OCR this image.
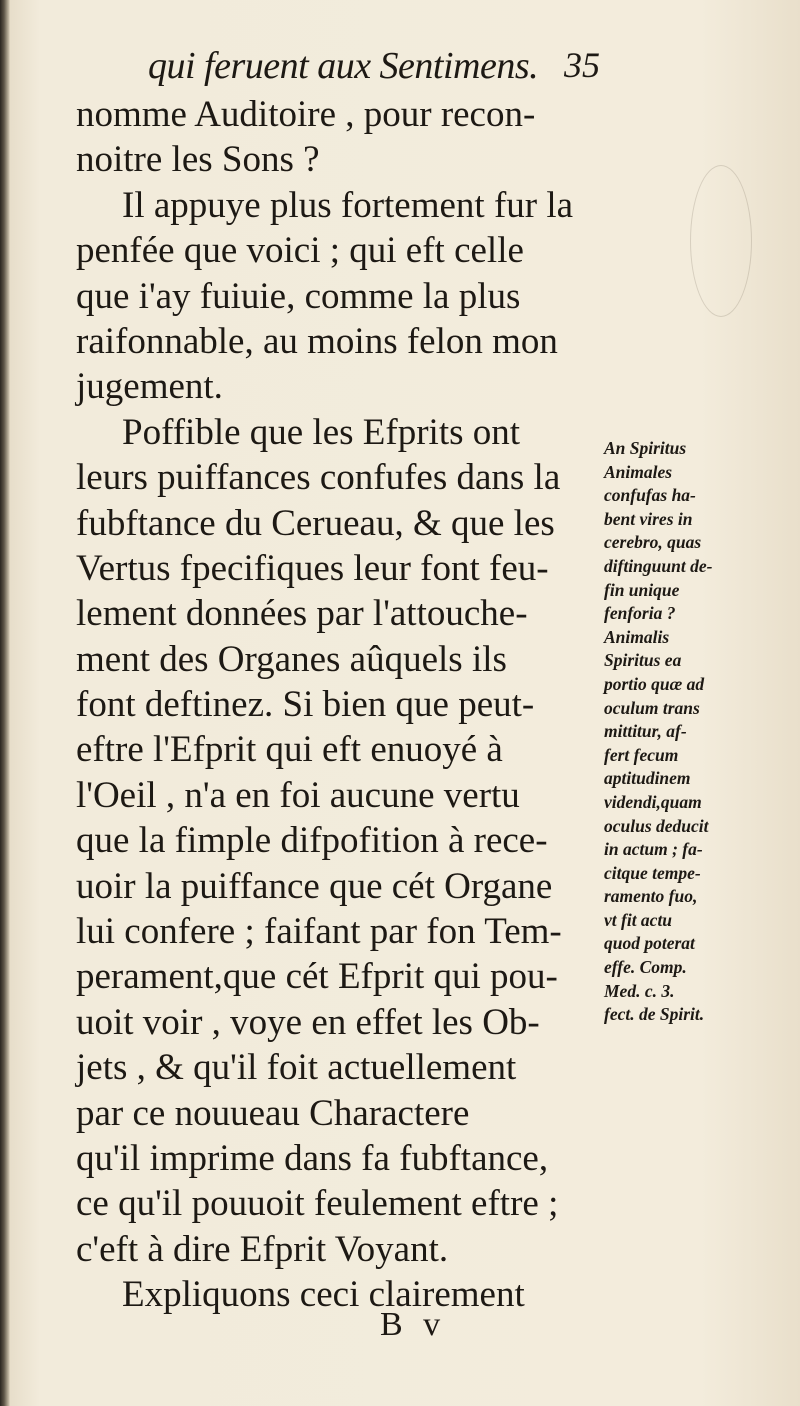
qui feruent aux Sentimens. 35
nomme Auditoire , pour recon-
noitre les Sons ?
Il appuye plus fortement fur la
penfée que voici ; qui eft celle
que i'ay fuiuie, comme la plus
raifonnable, au moins felon mon
jugement.
Poffible que les Efprits ont
leurs puiffances confufes dans la
fubftance du Cerueau, & que les
Vertus fpecifiques leur font feu-
lement données par l'attouche-
ment des Organes aûquels ils
font deftinez. Si bien que peut-
eftre l'Efprit qui eft enuoyé à
l'Oeil , n'a en foi aucune vertu
que la fimple difpofition à rece-
uoir la puiffance que cét Organe
lui confere ; faifant par fon Tem-
perament,que cét Efprit qui pou-
uoit voir , voye en effet les Ob-
jets , & qu'il foit actuellement
par ce nouueau Charactere
qu'il imprime dans fa fubftance,
ce qu'il pouuoit feulement eftre ;
c'eft à dire Efprit Voyant.
Expliquons ceci clairement
An Spiritus
Animales
confufas ha-
bent vires in
cerebro, quas
diftinguunt de-
fin unique
fenforia ?
Animalis
Spiritus ea
portio quæ ad
oculum trans
mittitur, af-
fert fecum
aptitudinem
videndi,quam
oculus deducit
in actum ; fa-
citque tempe-
ramento fuo,
vt fit actu
quod poterat
effe. Comp.
Med. c. 3.
fect. de Spirit.
B v
